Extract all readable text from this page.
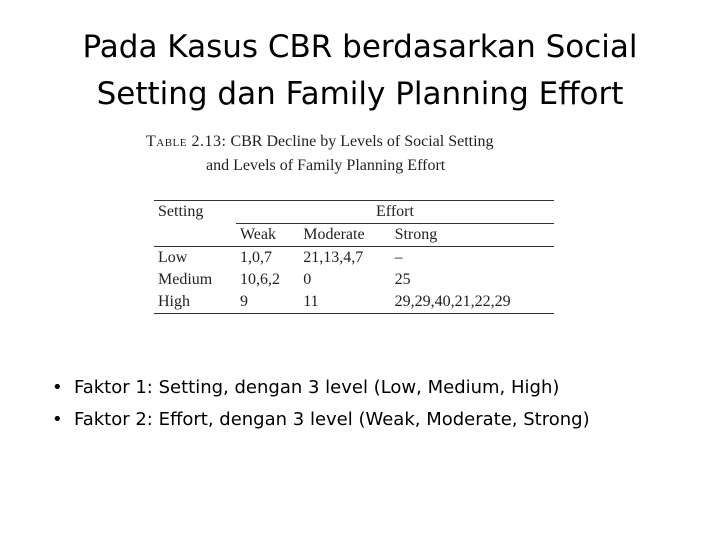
Pada Kasus CBR berdasarkan Social Setting dan Family Planning Effort
Table 2.13: CBR Decline by Levels of Social Setting
and Levels of Family Planning Effort
Setting	Effort		
	Weak	Moderate	Strong
Low	1,0,7	21,13,4,7	–
Medium	10,6,2	0	25
High	9	11	29,29,40,21,22,29
• Faktor 1: Setting, dengan 3 level (Low, Medium, High)
• Faktor 2: Effort, dengan 3 level (Weak, Moderate, Strong)
